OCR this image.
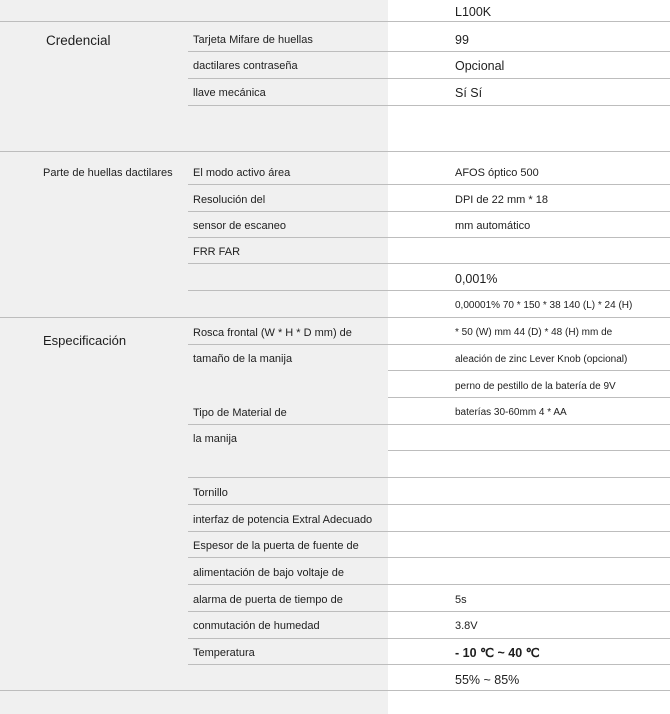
L100K
Credencial	Tarjeta Mifare de huellas
dactilares contraseña
llave mecánica
99
Opcional
Sí Sí
Parte de huellas dactilares El modo activo área
Resolución del
sensor de escaneo
FRR FAR
AFOS óptico 500
DPI de 22 mm * 18
mm automático
0,001%
0,00001% 70 * 150 * 38 140 (L) * 24 (H)
Especificación	Rosca frontal (W * H * D mm) de
tamaño de la manija
Tipo de Material de
la manija
Tornillo
interfaz de potencia Extral Adecuado
Espesor de la puerta de fuente de
alimentación de bajo voltaje de
alarma de puerta de tiempo de
conmutación de humedad
Temperatura
* 50 (W) mm 44 (D) * 48 (H) mm de
aleación de zinc Lever Knob (opcional)
perno de pestillo de la batería de 9V
baterías 30-60mm 4 * AA
5s
3.8V
- 10 ℃ ~ 40 ℃
55% ~ 85%
